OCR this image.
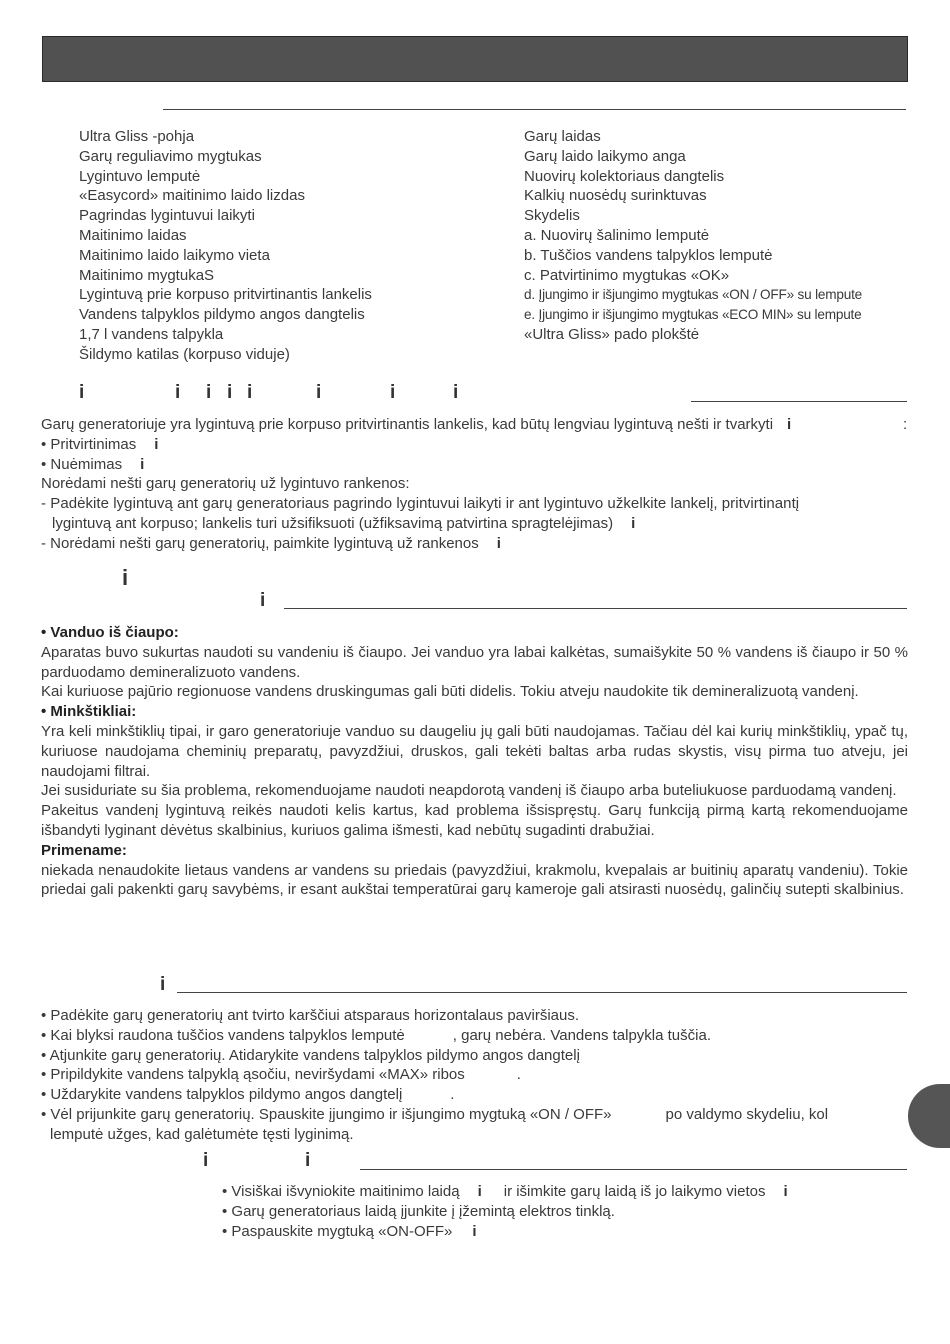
Ultra Gliss -pohja
Garų reguliavimo mygtukas
Lygintuvo lemputė
«Easycord» maitinimo laido lizdas
Pagrindas lygintuvui laikyti
Maitinimo laidas
Maitinimo laido laikymo vieta
Maitinimo mygtukaS
Lygintuvą prie korpuso pritvirtinantis lankelis
Vandens talpyklos pildymo angos dangtelis
1,7 l vandens talpykla
Šildymo katilas (korpuso viduje)
Garų laidas
Garų laido laikymo anga
Nuovirų kolektoriaus dangtelis
Kalkių nuosėdų surinktuvas
Skydelis
a. Nuovirų šalinimo lemputė
b. Tuščios vandens talpyklos lemputė
c. Patvirtinimo mygtukas «OK»
d. Įjungimo ir išjungimo mygtukas «ON / OFF» su lempute
e. Įjungimo ir išjungimo mygtukas «ECO MIN» su lempute
«Ultra Gliss» pado plokštė
i	i i i i	i	i	i

Garų generatoriuje yra lygintuvą prie korpuso pritvirtinantis lankelis, kad būtų lengviau lygintuvą nešti ir tvarkyti i	:

• Pritvirtinimas i

• Nuėmimas i

Norėdami nešti garų generatorių už lygintuvo rankenos:

- Padėkite lygintuvą ant garų generatoriaus pagrindo lygintuvui laikyti ir ant lygintuvo užkelkite lankelį, pritvirtinantį

lygintuvą ant korpuso; lankelis turi užsifiksuoti (užfiksavimą patvirtina spragtelėjimas) i

- Norėdami nešti garų generatorių, paimkite lygintuvą už rankenos i

i
i

• Vanduo iš čiaupo:

Aparatas buvo sukurtas naudoti su vandeniu iš čiaupo. Jei vanduo yra labai kalkėtas, sumaišykite 50 % vandens iš čiaupo ir 50 % parduodamo demineralizuoto vandens.

Kai kuriuose pajūrio regionuose vandens druskingumas gali būti didelis. Tokiu atveju naudokite tik demineralizuotą vandenį.

• Minkštikliai:

Yra keli minkštiklių tipai, ir garo generatoriuje vanduo su daugeliu jų gali būti naudojamas. Tačiau dėl kai kurių minkštiklių, ypač tų, kuriuose naudojama cheminių preparatų, pavyzdžiui, druskos, gali tekėti baltas arba rudas skystis, visų pirma tuo atveju, jei naudojami filtrai.

Jei susiduriate su šia problema, rekomenduojame naudoti neapdorotą vandenį iš čiaupo arba buteliukuose parduodamą vandenį.

Pakeitus vandenį lygintuvą reikės naudoti kelis kartus, kad problema išsispręstų. Garų funkciją pirmą kartą rekomenduojame išbandyti lyginant dėvėtus skalbinius, kuriuos galima išmesti, kad nebūtų sugadinti drabužiai.

Primename:

niekada nenaudokite lietaus vandens ar vandens su priedais (pavyzdžiui, krakmolu, kvepalais ar buitinių aparatų vandeniu). Tokie priedai gali pakenkti garų savybėms, ir esant aukštai temperatūrai garų kameroje gali atsirasti nuosėdų, galinčių sutepti skalbinius.

i
• Padėkite garų generatorių ant tvirto karščiui atsparaus horizontalaus paviršiaus.
• Kai blyksi raudona tuščios vandens talpyklos lemputė	, garų nebėra. Vandens talpykla tuščia.
• Atjunkite garų generatorių. Atidarykite vandens talpyklos pildymo angos dangtelį
• Pripildykite vandens talpyklą ąsočiu, neviršydami «MAX» ribos	.
• Uždarykite vandens talpyklos pildymo angos dangtelį	.
• Vėl prijunkite garų generatorių. Spauskite įjungimo ir išjungimo mygtuką «ON / OFF»	po valdymo skydeliu, kol
lemputė užges, kad galėtumėte tęsti lyginimą.
i	i
• Visiškai išvyniokite maitinimo laidą i ir išimkite garų laidą iš jo laikymo vietos i
• Garų generatoriaus laidą įjunkite į įžemintą elektros tinklą.
• Paspauskite mygtuką «ON-OFF» i
